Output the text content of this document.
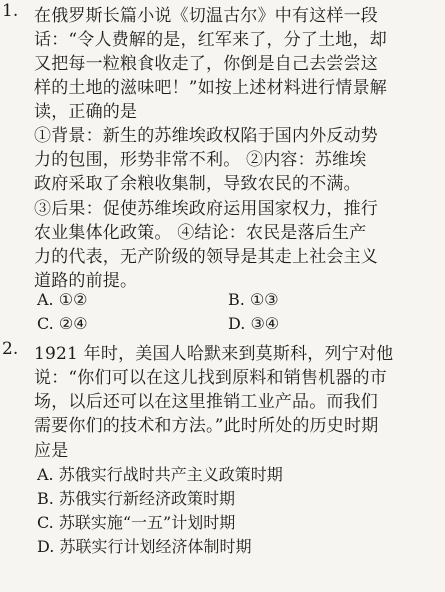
1. 在俄罗斯长篇小说《切温古尔》中有这样一段
话：“令人费解的是，红军来了，分了土地，却
又把每一粒粮食收走了，你倒是自己去尝尝这
样的土地的滋味吧！”如按上述材料进行情景解
读，正确的是
①背景：新生的苏维埃政权陷于国内外反动势
力的包围，形势非常不利。 ②内容：苏维埃
政府采取了余粮收集制，导致农民的不满。
③后果：促使苏维埃政府运用国家权力，推行
农业集体化政策。 ④结论：农民是落后生产
力的代表，无产阶级的领导是其走上社会主义
道路的前提。
A. ①②	B. ①③
C. ②④	D. ③④
2. 1921 年时，美国人哈默来到莫斯科，列宁对他
说：“你们可以在这儿找到原料和销售机器的市
场，以后还可以在这里推销工业产品。而我们
需要你们的技术和方法。”此时所处的历史时期
应是
A. 苏俄实行战时共产主义政策时期
B. 苏俄实行新经济政策时期
C. 苏联实施“一五”计划时期
D. 苏联实行计划经济体制时期
